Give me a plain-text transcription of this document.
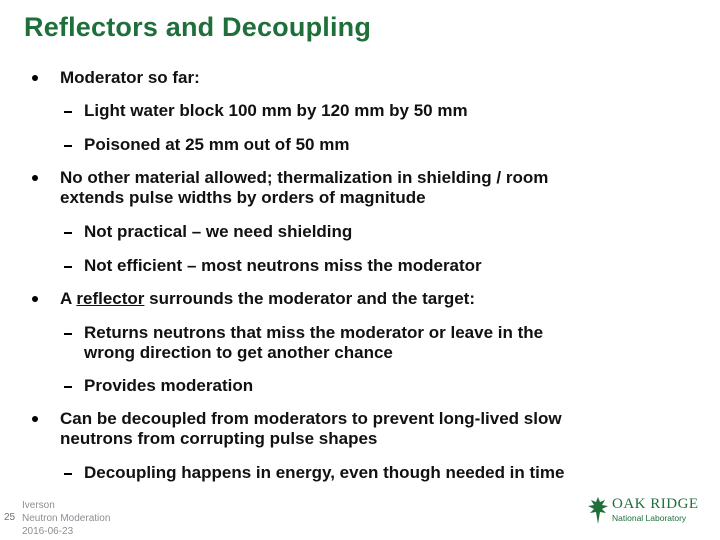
Reflectors and Decoupling
Moderator so far:
Light water block 100 mm by 120 mm by 50 mm
Poisoned at 25 mm out of 50 mm
No other material allowed; thermalization in shielding / room
extends pulse widths by orders of magnitude
Not practical – we need shielding
Not efficient – most neutrons miss the moderator
A reflector surrounds the moderator and the target:
Returns neutrons that miss the moderator or leave in the
wrong direction to get another chance
Provides moderation
Can be decoupled from moderators to prevent long-lived slow
neutrons from corrupting pulse shapes
Decoupling happens in energy, even though needed in time
25
Iverson
Neutron Moderation
2016-06-23
OAK RIDGE
National Laboratory
